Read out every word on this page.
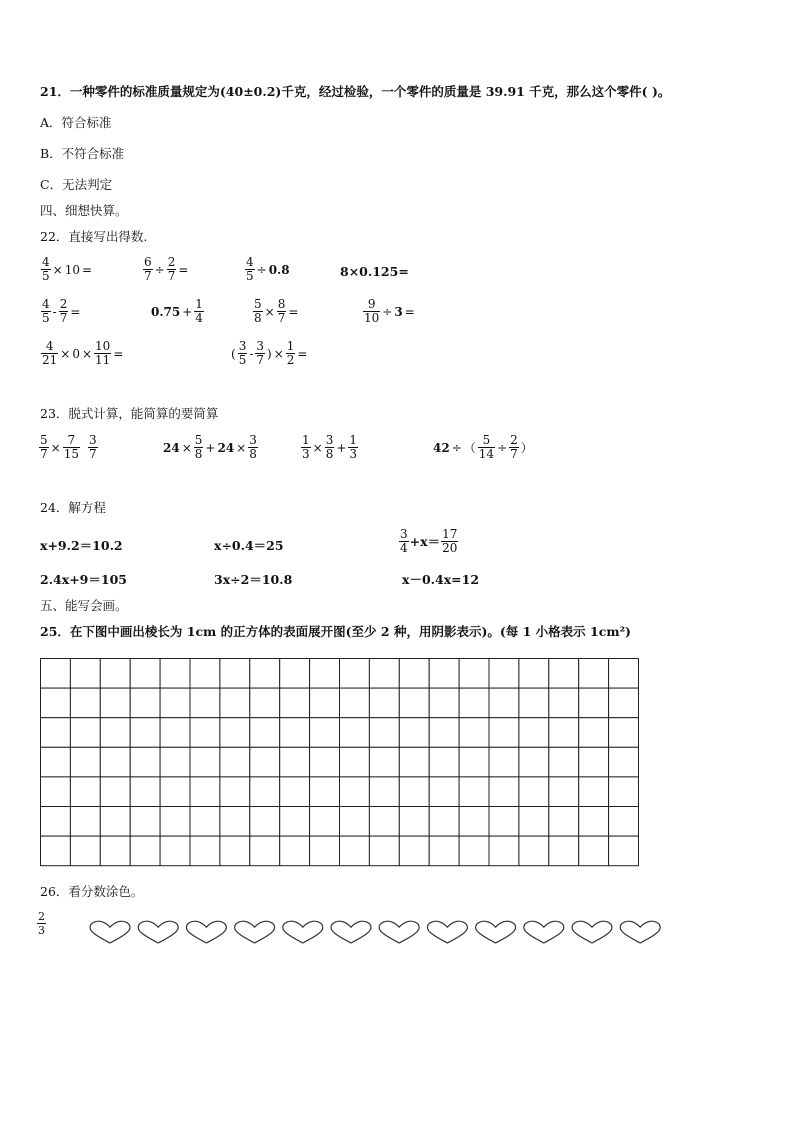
21．一种零件的标准质量规定为(40±0.2)千克，经过检验，一个零件的质量是 39.91 千克，那么这个零件( )。
A．符合标准
B．不符合标准
C．无法判定
四、细想快算。
22．直接写出得数.
$\frac{4}{5} \times 10$ =	$\frac{6}{7} \div \frac{2}{7}$ =	$\frac{4}{5} \div 0.8$	8×0.125=
$\frac{4}{5} - \frac{2}{7}$ =	$0.75 + \frac{1}{4}$	$\frac{5}{8} \times \frac{8}{7}$ =	$\frac{9}{10} \div 3$ =
$\frac{4}{21} \times 0 \times \frac{10}{11}$ =	( $\frac{3}{5} - \frac{3}{7}$ ) × $\frac{1}{2}$ =
23．脱式计算，能简算的要简算
$\frac{5}{7} \times \frac{7}{15} \frac{3}{7}$	$24 \times \frac{5}{8} + 24 \times \frac{3}{8}$	$\frac{1}{3} \times \frac{3}{8} + \frac{1}{3}$	42 ÷ （ $\frac{5}{14} \div \frac{2}{7}$ ）
24．解方程
x+9.2＝10.2	x÷0.4＝25	$\frac{3}{4} +x= \frac{17}{20}$
2.4x+9＝105	3x÷2＝10.8	x－0.4x=12
五、能写会画。
25．在下图中画出棱长为 1cm 的正方体的表面展开图(至少 2 种，用阴影表示)。(每 1 小格表示 1cm²)
26．看分数涂色。
$\frac{2}{3}$
